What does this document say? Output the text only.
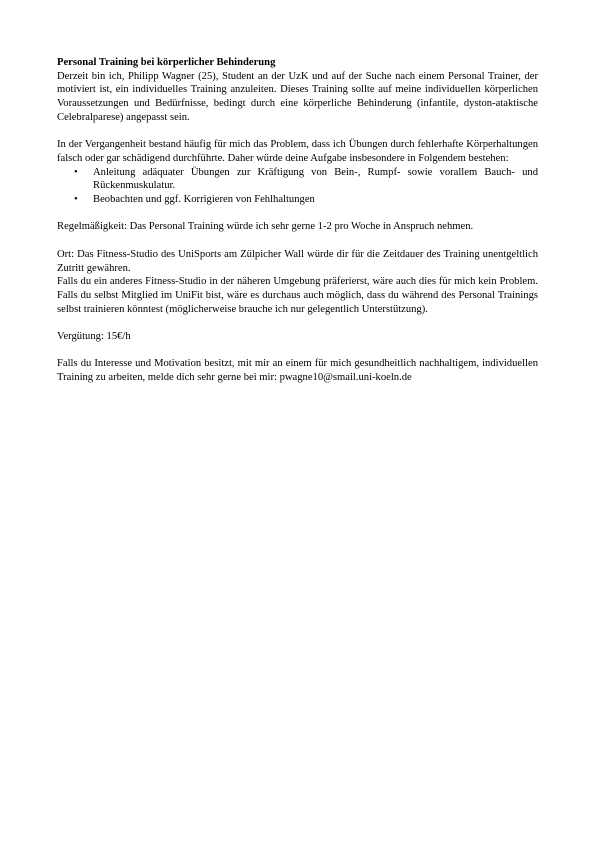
Personal Training bei körperlicher Behinderung

Derzeit bin ich, Philipp Wagner (25), Student an der UzK und auf der Suche nach einem Personal Trainer, der motiviert ist, ein individuelles Training anzuleiten. Dieses Training sollte auf meine individuellen körperlichen Voraussetzungen und Bedürfnisse, bedingt durch eine körperliche Behinderung (infantile, dyston-ataktische Celebralparese) angepasst sein.

In der Vergangenheit bestand häufig für mich das Problem, dass ich Übungen durch fehlerhafte Körperhaltungen falsch oder gar schädigend durchführte. Daher würde deine Aufgabe insbesondere in Folgendem bestehen:

• Anleitung adäquater Übungen zur Kräftigung von Bein-, Rumpf- sowie vorallem Bauch- und Rückenmuskulatur.
• Beobachten und ggf. Korrigieren von Fehlhaltungen

Regelmäßigkeit: Das Personal Training würde ich sehr gerne 1-2 pro Woche in Anspruch nehmen.

Ort: Das Fitness-Studio des UniSports am Zülpicher Wall würde dir für die Zeitdauer des Training unentgeltlich Zutritt gewähren.

Falls du ein anderes Fitness-Studio in der näheren Umgebung präferierst, wäre auch dies für mich kein Problem. Falls du selbst Mitglied im UniFit bist, wäre es durchaus auch möglich, dass du während des Personal Trainings selbst trainieren könntest (möglicherweise brauche ich nur gelegentlich Unterstützung).

Vergütung: 15€/h

Falls du Interesse und Motivation besitzt, mit mir an einem für mich gesundheitlich nachhaltigem, individuellen Training zu arbeiten, melde dich sehr gerne bei mir: pwagne10@smail.uni-koeln.de
